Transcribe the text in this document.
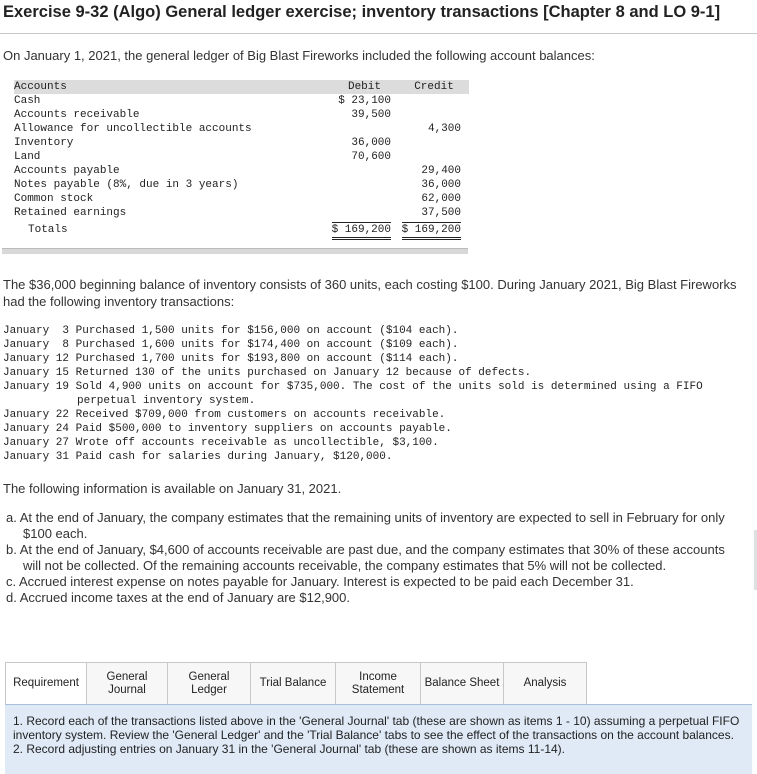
Exercise 9-32 (Algo) General ledger exercise; inventory transactions [Chapter 8 and LO 9-1]
On January 1, 2021, the general ledger of Big Blast Fireworks included the following account balances:
Accounts	Debit	Credit
Cash	$ 23,100	
Accounts receivable	39,500	
Allowance for uncollectible accounts		4,300
Inventory	36,000	
Land	70,600	
Accounts payable		29,400
Notes payable (8%, due in 3 years)		36,000
Common stock		62,000
Retained earnings		37,500
Totals	$ 169,200	$ 169,200
The $36,000 beginning balance of inventory consists of 360 units, each costing $100. During January 2021, Big Blast Fireworks had the following inventory transactions:
January  3 Purchased 1,500 units for $156,000 on account ($104 each).
January  8 Purchased 1,600 units for $174,400 on account ($109 each).
January 12 Purchased 1,700 units for $193,800 on account ($114 each).
January 15 Returned 130 of the units purchased on January 12 because of defects.
January 19 Sold 4,900 units on account for $735,000. The cost of the units sold is determined using a FIFO
perpetual inventory system.
January 22 Received $709,000 from customers on accounts receivable.
January 24 Paid $500,000 to inventory suppliers on accounts payable.
January 27 Wrote off accounts receivable as uncollectible, $3,100.
January 31 Paid cash for salaries during January, $120,000.
The following information is available on January 31, 2021.
a. At the end of January, the company estimates that the remaining units of inventory are expected to sell in February for only $100 each.
b. At the end of January, $4,600 of accounts receivable are past due, and the company estimates that 30% of these accounts will not be collected. Of the remaining accounts receivable, the company estimates that 5% will not be collected.
c. Accrued interest expense on notes payable for January. Interest is expected to be paid each December 31.
d. Accrued income taxes at the end of January are $12,900.
Requirement
General Journal
General Ledger
Trial Balance
Income Statement
Balance Sheet	Analysis

1. Record each of the transactions listed above in the 'General Journal' tab (these are shown as items 1 - 10) assuming a perpetual FIFO inventory system. Review the 'General Ledger' and the 'Trial Balance' tabs to see the effect of the transactions on the account balances.

2. Record adjusting entries on January 31 in the 'General Journal' tab (these are shown as items 11-14).
